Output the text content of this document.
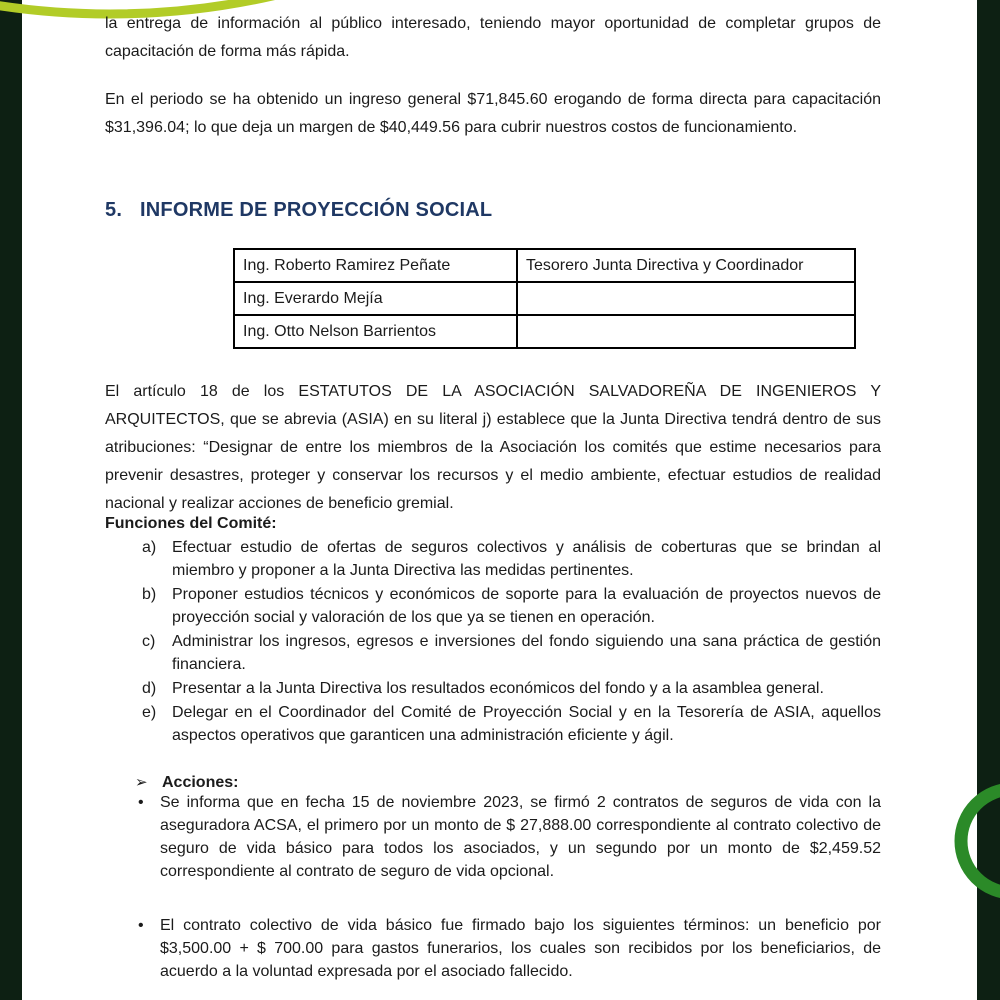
la entrega de información al público interesado, teniendo mayor oportunidad de completar grupos de capacitación de forma más rápida.

En el periodo se ha obtenido un ingreso general $71,845.60 erogando de forma directa para capacitación $31,396.04; lo que deja un margen de $40,449.56 para cubrir nuestros costos de funcionamiento.

5. INFORME DE PROYECCIÓN SOCIAL
Ing. Roberto Ramirez Peñate	Tesorero Junta Directiva y Coordinador
Ing. Everardo Mejía	
Ing. Otto Nelson Barrientos	

El artículo 18 de los ESTATUTOS DE LA ASOCIACIÓN SALVADOREÑA DE INGENIEROS Y ARQUITECTOS, que se abrevia (ASIA) en su literal j) establece que la Junta Directiva tendrá dentro de sus atribuciones: “Designar de entre los miembros de la Asociación los comités que estime necesarios para prevenir desastres, proteger y conservar los recursos y el medio ambiente, efectuar estudios de realidad nacional y realizar acciones de beneficio gremial.

Funciones del Comité:
a) Efectuar estudio de ofertas de seguros colectivos y análisis de coberturas que se brindan al miembro y proponer a la Junta Directiva las medidas pertinentes.
b) Proponer estudios técnicos y económicos de soporte para la evaluación de proyectos nuevos de proyección social y valoración de los que ya se tienen en operación.
c) Administrar los ingresos, egresos e inversiones del fondo siguiendo una sana práctica de gestión financiera.
d) Presentar a la Junta Directiva los resultados económicos del fondo y a la asamblea general.
e) Delegar en el Coordinador del Comité de Proyección Social y en la Tesorería de ASIA, aquellos aspectos operativos que garanticen una administración eficiente y ágil.
➢ Acciones:
• Se informa que en fecha 15 de noviembre 2023, se firmó 2 contratos de seguros de vida con la aseguradora ACSA, el primero por un monto de $ 27,888.00 correspondiente al contrato colectivo de seguro de vida básico para todos los asociados, y un segundo por un monto de $2,459.52 correspondiente al contrato de seguro de vida opcional.
• El contrato colectivo de vida básico fue firmado bajo los siguientes términos: un beneficio por $3,500.00 + $ 700.00 para gastos funerarios, los cuales son recibidos por los beneficiarios, de acuerdo a la voluntad expresada por el asociado fallecido.
